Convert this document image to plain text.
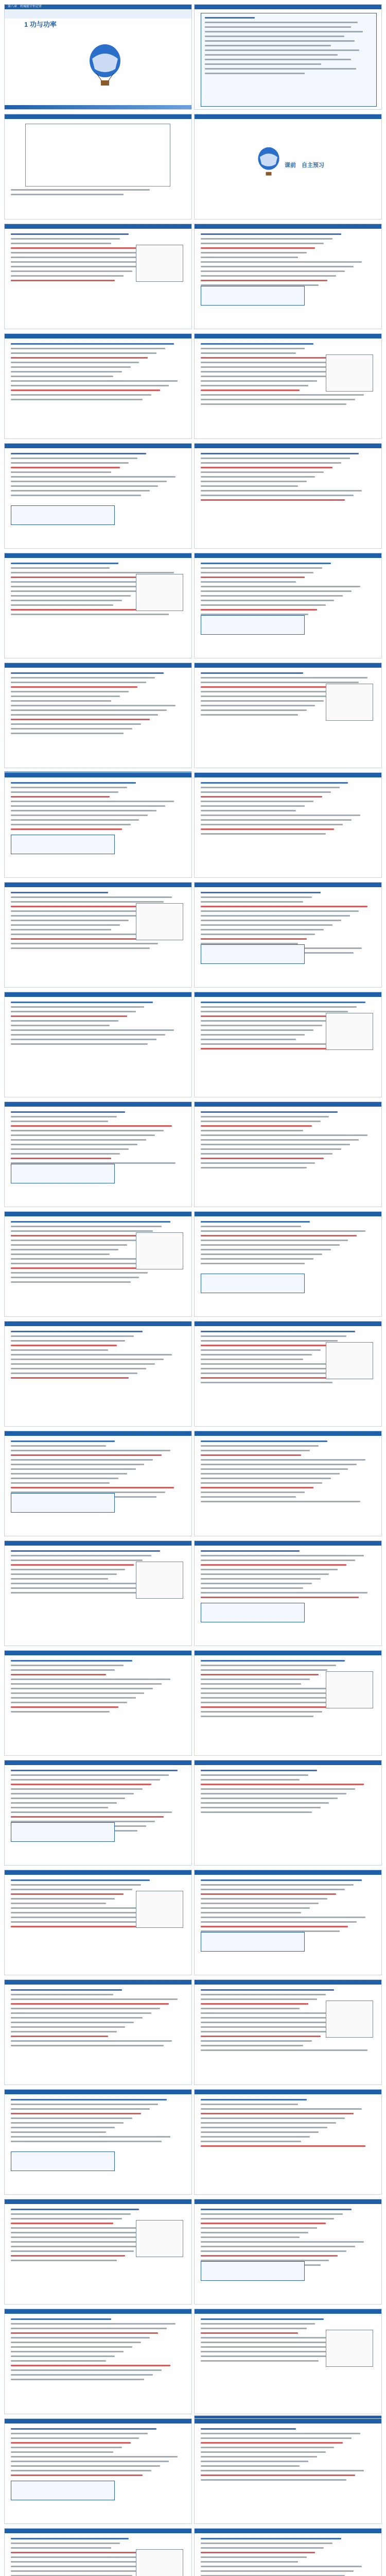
第八章　机械能守恒定律
1 功与功率
课前　自主预习
